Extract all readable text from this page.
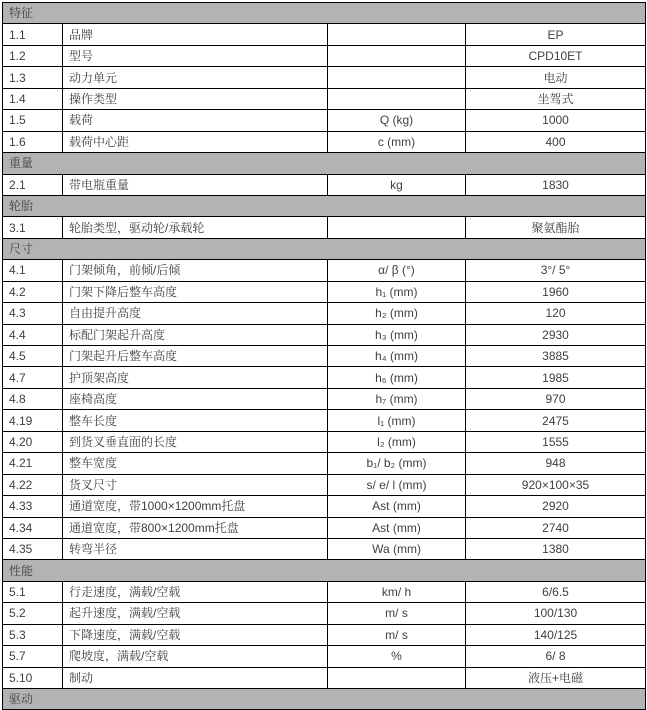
特征			
1.1	品牌		EP
1.2	型号		CPD10ET
1.3	动力单元		电动
1.4	操作类型		坐驾式
1.5	载荷	Q (kg)	1000
1.6	载荷中心距	c (mm)	400
重量			
2.1	带电瓶重量	kg	1830
轮胎			
3.1	轮胎类型，驱动轮/承载轮		聚氨酯胎
尺寸			
4.1	门架倾角，前倾/后倾	α/ β (°)	3°/ 5°
4.2	门架下降后整车高度	h₁ (mm)	1960
4.3	自由提升高度	h₂ (mm)	120
4.4	标配门架起升高度	h₃ (mm)	2930
4.5	门架起升后整车高度	h₄ (mm)	3885
4.7	护顶架高度	h₆ (mm)	1985
4.8	座椅高度	h₇ (mm)	970
4.19	整车长度	l₁ (mm)	2475
4.20	到货叉垂直面的长度	l₂ (mm)	1555
4.21	整车宽度	b₁/ b₂ (mm)	948
4.22	货叉尺寸	s/ e/ l (mm)	920×100×35
4.33	通道宽度，带1000×1200mm托盘	Ast (mm)	2920
4.34	通道宽度，带800×1200mm托盘	Ast (mm)	2740
4.35	转弯半径	Wa (mm)	1380
性能			
5.1	行走速度，满载/空载	km/ h	6/6.5
5.2	起升速度，满载/空载	m/ s	100/130
5.3	下降速度，满载/空载	m/ s	140/125
5.7	爬坡度，满载/空载	%	6/ 8
5.10	制动		液压+电磁
驱动			
